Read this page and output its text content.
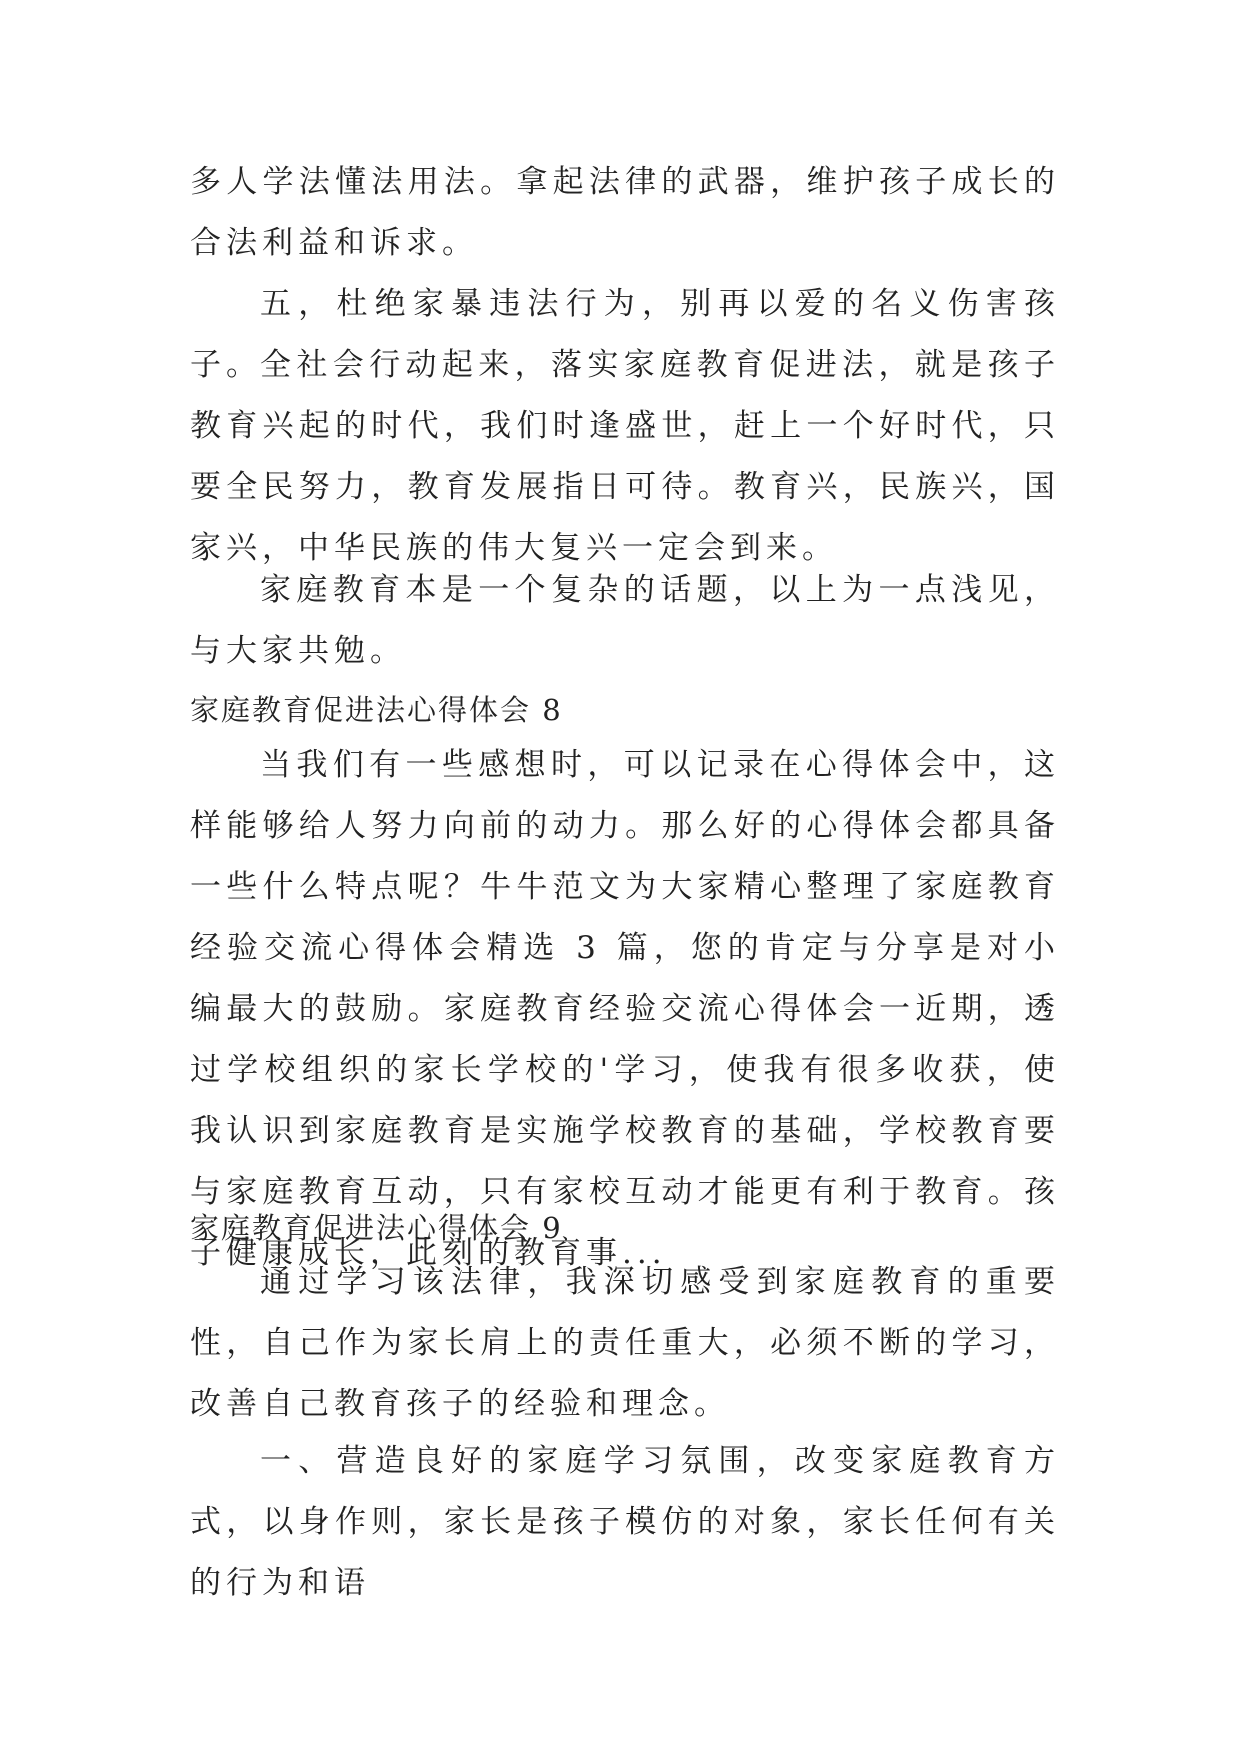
多人学法懂法用法。拿起法律的武器，维护孩子成长的合法利益和诉求。

五，杜绝家暴违法行为，别再以爱的名义伤害孩子。

全社会行动起来，落实家庭教育促进法，就是孩子教育兴起的时代，我们时逢盛世，赶上一个好时代，只要全民努力，教育发展指日可待。教育兴，民族兴，国家兴，中华民族的伟大复兴一定会到来。

家庭教育本是一个复杂的话题，以上为一点浅见，与大家共勉。

家庭教育促进法心得体会 8

当我们有一些感想时，可以记录在心得体会中，这样能够给人努力向前的动力。那么好的心得体会都具备一些什么特点呢？牛牛范文为大家精心整理了家庭教育经验交流心得体会精选 3 篇，您的肯定与分享是对小编最大的鼓励。家庭教育经验交流心得体会一近期，透过学校组织的家长学校的'学习，使我有很多收获，使我认识到家庭教育是实施学校教育的基础，学校教育要与家庭教育互动，只有家校互动才能更有利于教育。孩子健康成长，此刻的教育事...

家庭教育促进法心得体会 9

通过学习该法律，我深切感受到家庭教育的重要性，自己作为家长肩上的责任重大，必须不断的学习，改善自己教育孩子的经验和理念。

一、营造良好的家庭学习氛围，改变家庭教育方式，以身作则，家长是孩子模仿的对象，家长任何有关的行为和语
